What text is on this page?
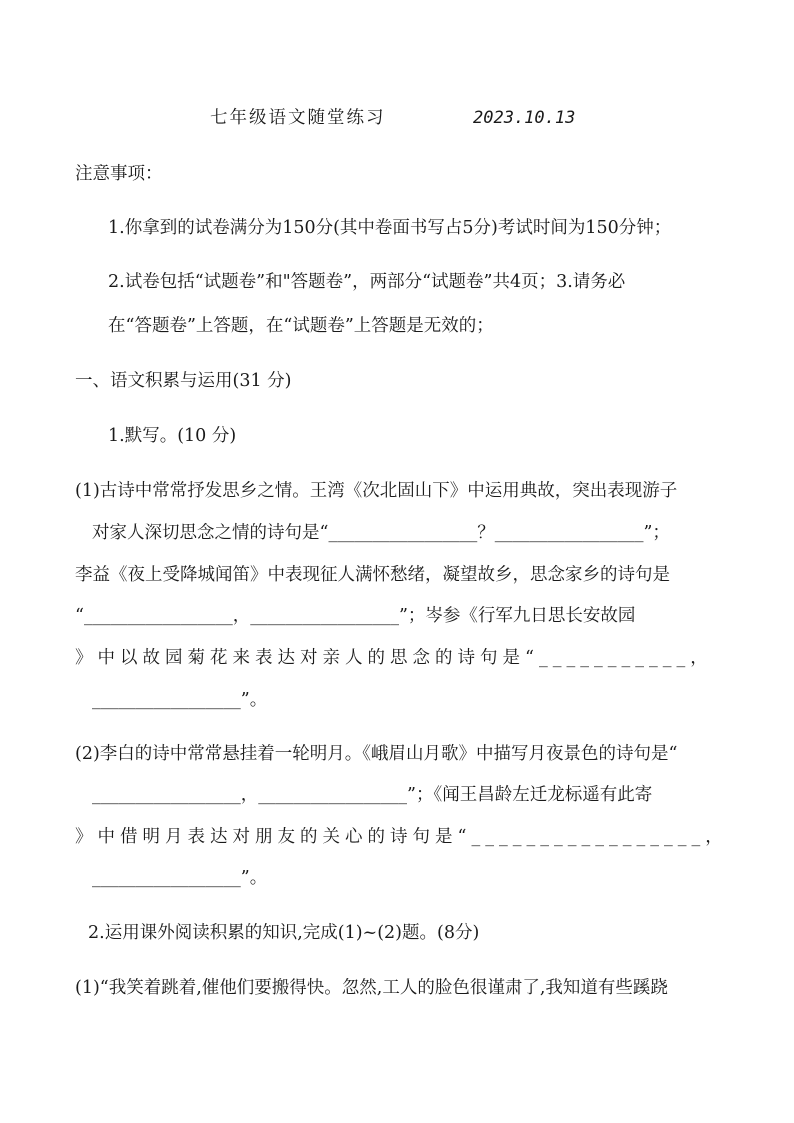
七年级语文随堂练习	2023.10.13
注意事项：
1.你拿到的试卷满分为150分(其中卷面书写占5分)考试时间为150分钟；
2.试卷包括“试题卷”和"答题卷”，两部分“试题卷”共4页；3.请务必
在“答题卷”上答题，在“试题卷”上答题是无效的；
一、语文积累与运用(31 分)
1.默写。(10 分)
(1)古诗中常常抒发思乡之情。王湾《次北固山下》中运用典故，突出表现游子
对家人深切思念之情的诗句是“_________________？_________________”；
李益《夜上受降城闻笛》中表现征人满怀愁绪，凝望故乡，思念家乡的诗句是
“_________________，_________________”；岑参《行军九日思长安故园
》中以故园菊花来表达对亲人的思念的诗句是“___________，
_________________”。
(2)李白的诗中常常悬挂着一轮明月。《峨眉山月歌》中描写月夜景色的诗句是“
_________________，_________________”；《闻王昌龄左迁龙标遥有此寄
》中借明月表达对朋友的关心的诗句是“_________________，
_________________”。
2.运用课外阅读积累的知识,完成(1)~(2)题。(8分)
(1)“我笑着跳着,催他们要搬得快。忽然,工人的脸色很谨肃了,我知道有些蹊跷
